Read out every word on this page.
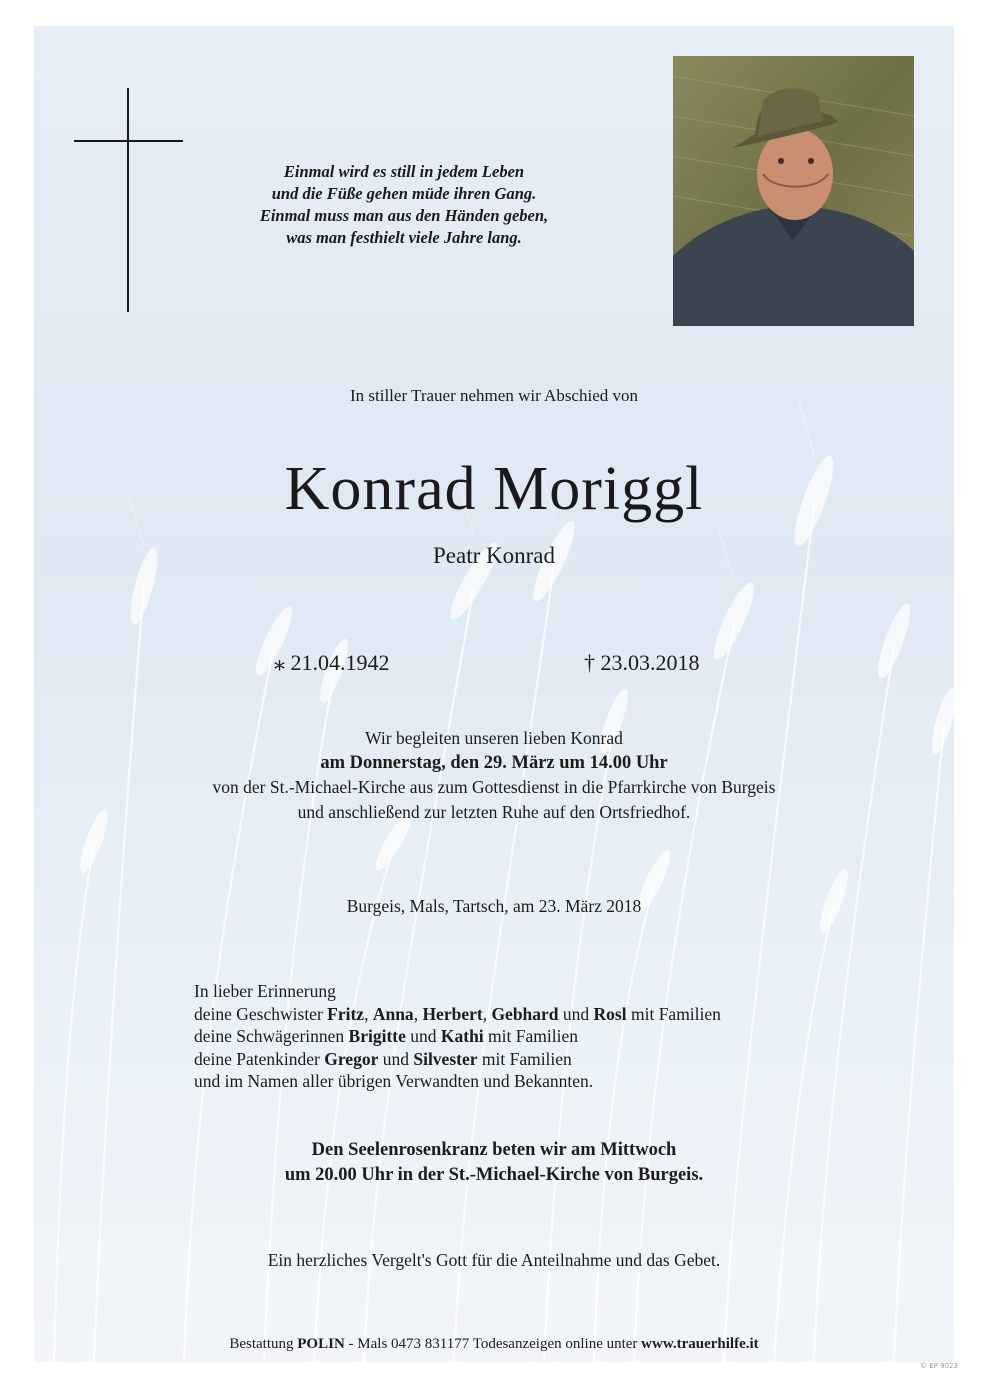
Einmal wird es still in jedem Leben
und die Füße gehen müde ihren Gang.
Einmal muss man aus den Händen geben,
was man festhielt viele Jahre lang.
In stiller Trauer nehmen wir Abschied von
Konrad Moriggl
Peatr Konrad
⁎ 21.04.1942	† 23.03.2018
Wir begleiten unseren lieben Konrad
am Donnerstag, den 29. März um 14.00 Uhr
von der St.-Michael-Kirche aus zum Gottesdienst in die Pfarrkirche von Burgeis
und anschließend zur letzten Ruhe auf den Ortsfriedhof.
Burgeis, Mals, Tartsch, am 23. März 2018
In lieber Erinnerung
deine Geschwister Fritz, Anna, Herbert, Gebhard und Rosl mit Familien
deine Schwägerinnen Brigitte und Kathi mit Familien
deine Patenkinder Gregor und Silvester mit Familien
und im Namen aller übrigen Verwandten und Bekannten.
Den Seelenrosenkranz beten wir am Mittwoch
um 20.00 Uhr in der St.-Michael-Kirche von Burgeis.
Ein herzliches Vergelt's Gott für die Anteilnahme und das Gebet.
Bestattung POLIN - Mals 0473 831177 Todesanzeigen online unter www.trauerhilfe.it
© EP 9023
